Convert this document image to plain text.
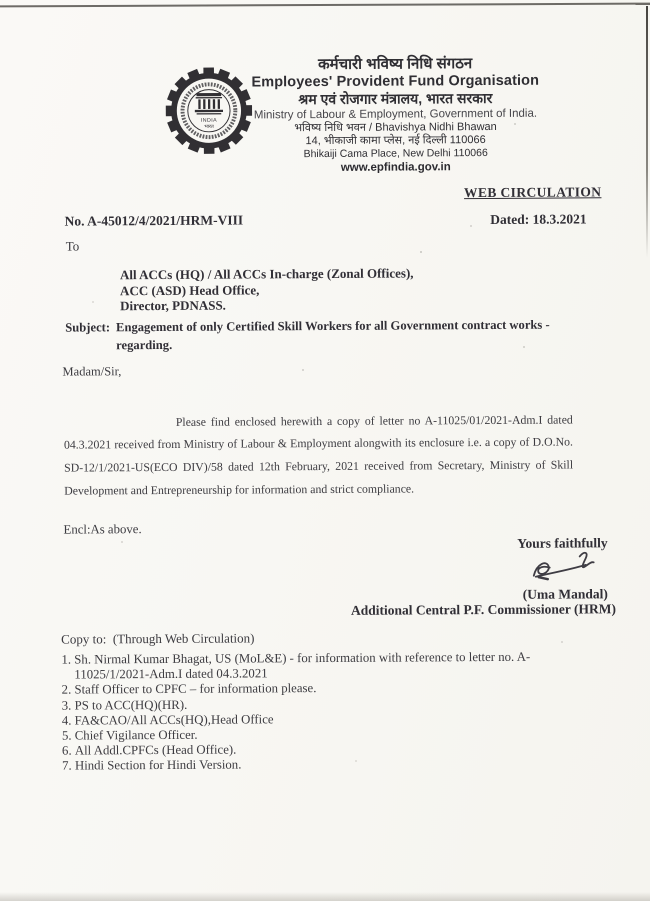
INDIA
भारत
कर्मचारी भविष्य निधि संगठन
Employees' Provident Fund Organisation
श्रम एवं रोजगार मंत्रालय, भारत सरकार
Ministry of Labour & Employment, Government of India.
भविष्य निधि भवन / Bhavishya Nidhi Bhawan
14, भीकाजी कामा प्लेस, नई दिल्ली 110066
Bhikaiji Cama Place, New Delhi 110066
www.epfindia.gov.in
WEB CIRCULATION
No. A-45012/4/2021/HRM-VIII	Dated: 18.3.2021
To
All ACCs (HQ) / All ACCs In-charge (Zonal Offices),
ACC (ASD) Head Office,
Director, PDNASS.
Subject: Engagement of only Certified Skill Workers for all Government contract works -
regarding.
Madam/Sir,

Please find enclosed herewith a copy of letter no A-11025/01/2021-Adm.I dated 04.3.2021 received from Ministry of Labour & Employment alongwith its enclosure i.e. a copy of D.O.No. SD-12/1/2021-US(ECO DIV)/58 dated 12th February, 2021 received from Secretary, Ministry of Skill Development and Entrepreneurship for information and strict compliance.

Encl:As above.
Yours faithfully
(Uma Mandal)
Additional Central P.F. Commissioner (HRM)
Copy to:  (Through Web Circulation)
1. Sh. Nirmal Kumar Bhagat, US (MoL&E) - for information with reference to letter no. A-11025/1/2021-Adm.I dated 04.3.2021
2. Staff Officer to CPFC – for information please.
3. PS to ACC(HQ)(HR).
4. FA&CAO/All ACCs(HQ),Head Office
5. Chief Vigilance Officer.
6. All Addl.CPFCs (Head Office).
7. Hindi Section for Hindi Version.
